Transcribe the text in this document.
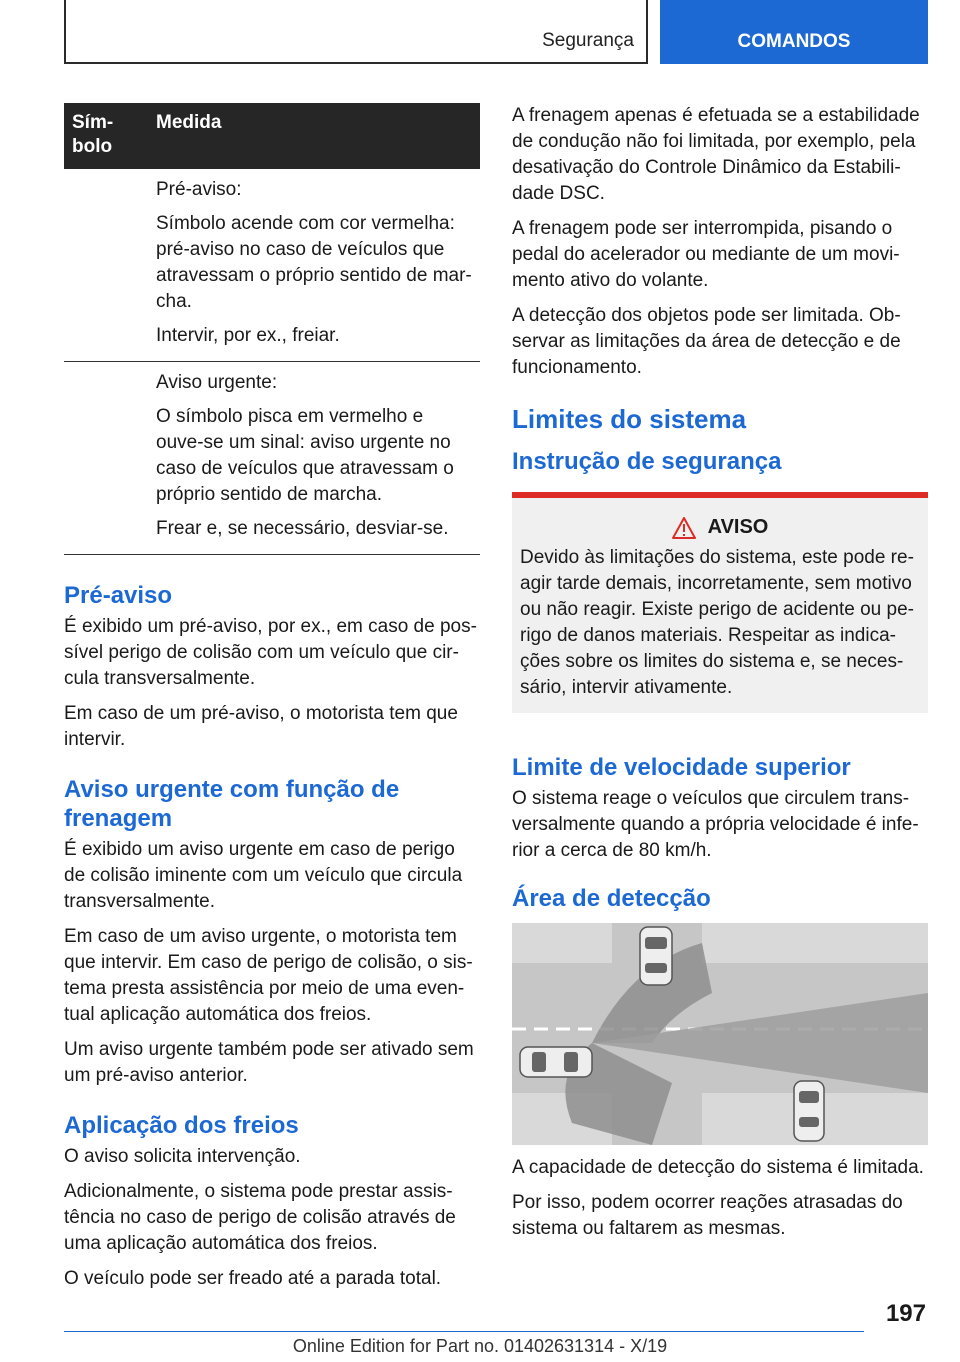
Segurança	COMANDOS
Sím-
bolo	Medida

	Pré-aviso:

Símbolo acende com cor vermelha: pré-aviso no caso de veículos que atravessam o próprio sentido de mar-cha.

Intervir, por ex., freiar.

	Aviso urgente:

O símbolo pisca em vermelho e ouve-se um sinal: aviso urgente no caso de veículos que atravessam o próprio sentido de marcha.

Frear e, se necessário, desviar-se.

Pré-aviso

É exibido um pré-aviso, por ex., em caso de pos-sível perigo de colisão com um veículo que cir-cula transversalmente.

Em caso de um pré-aviso, o motorista tem que intervir.

Aviso urgente com função de frenagem

É exibido um aviso urgente em caso de perigo de colisão iminente com um veículo que circula transversalmente.

Em caso de um aviso urgente, o motorista tem que intervir. Em caso de perigo de colisão, o sis-tema presta assistência por meio de uma even-tual aplicação automática dos freios.

Um aviso urgente também pode ser ativado sem um pré-aviso anterior.

Aplicação dos freios

O aviso solicita intervenção.

Adicionalmente, o sistema pode prestar assis-tência no caso de perigo de colisão através de uma aplicação automática dos freios.

O veículo pode ser freado até a parada total.

A frenagem apenas é efetuada se a estabilidade de condução não foi limitada, por exemplo, pela desativação do Controle Dinâmico da Estabili-dade DSC.

A frenagem pode ser interrompida, pisando o pedal do acelerador ou mediante de um movi-mento ativo do volante.

A detecção dos objetos pode ser limitada. Ob-servar as limitações da área de detecção e de funcionamento.

Limites do sistema
Instrução de segurança
AVISO

Devido às limitações do sistema, este pode re-agir tarde demais, incorretamente, sem motivo ou não reagir. Existe perigo de acidente ou pe-rigo de danos materiais. Respeitar as indica-ções sobre os limites do sistema e, se neces-sário, intervir ativamente.

Limite de velocidade superior

O sistema reage o veículos que circulem trans-versalmente quando a própria velocidade é infe-rior a cerca de 80 km/h.

Área de detecção

A capacidade de detecção do sistema é limitada.

Por isso, podem ocorrer reações atrasadas do sistema ou faltarem as mesmas.

197
Online Edition for Part no. 01402631314 - X/19
